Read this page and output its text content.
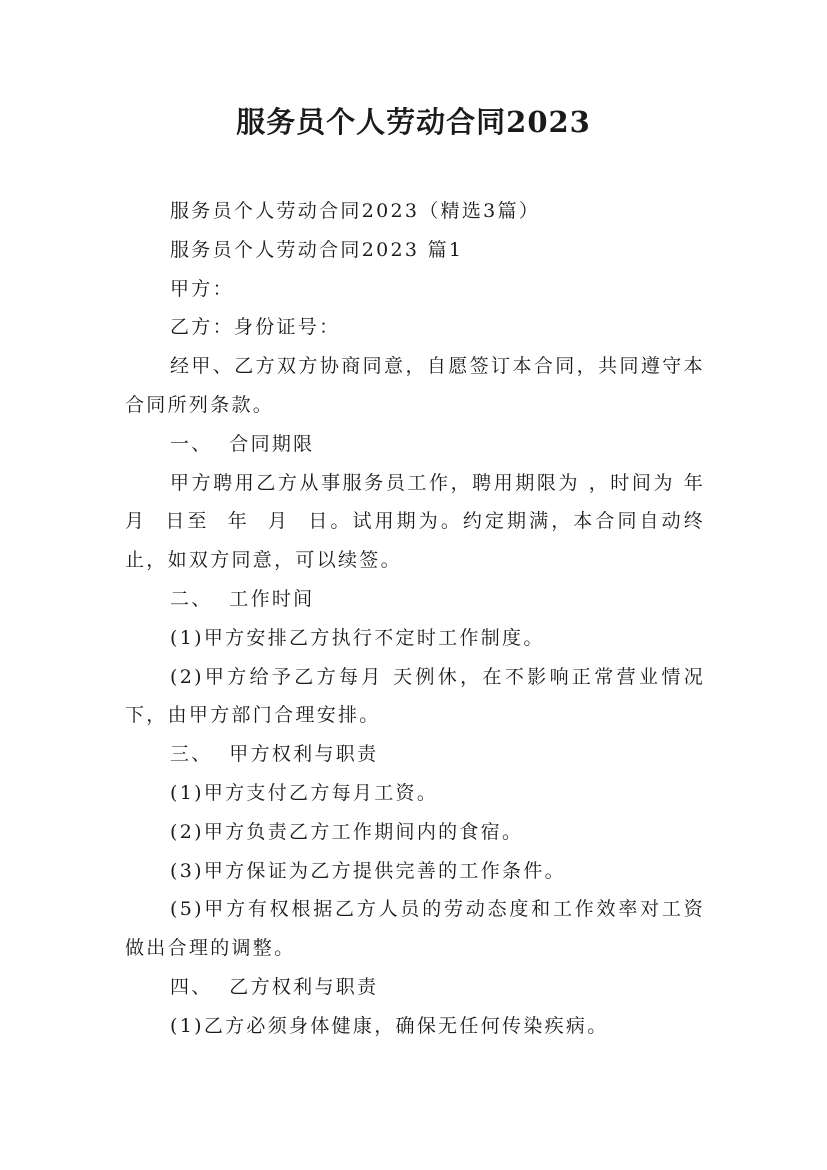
服务员个人劳动合同2023

服务员个人劳动合同2023（精选3篇）

服务员个人劳动合同2023 篇1

甲方：

乙方：身份证号：

经甲、乙方双方协商同意，自愿签订本合同，共同遵守本合同所列条款。

一、  合同期限

甲方聘用乙方从事服务员工作，聘用期限为 ，时间为 年  月  日至  年  月  日。试用期为。约定期满，本合同自动终止，如双方同意，可以续签。

二、  工作时间

(1)甲方安排乙方执行不定时工作制度。

(2)甲方给予乙方每月 天例休，在不影响正常营业情况下，由甲方部门合理安排。

三、  甲方权利与职责

(1)甲方支付乙方每月工资。

(2)甲方负责乙方工作期间内的食宿。

(3)甲方保证为乙方提供完善的工作条件。

(5)甲方有权根据乙方人员的劳动态度和工作效率对工资做出合理的调整。

四、  乙方权利与职责

(1)乙方必须身体健康，确保无任何传染疾病。
